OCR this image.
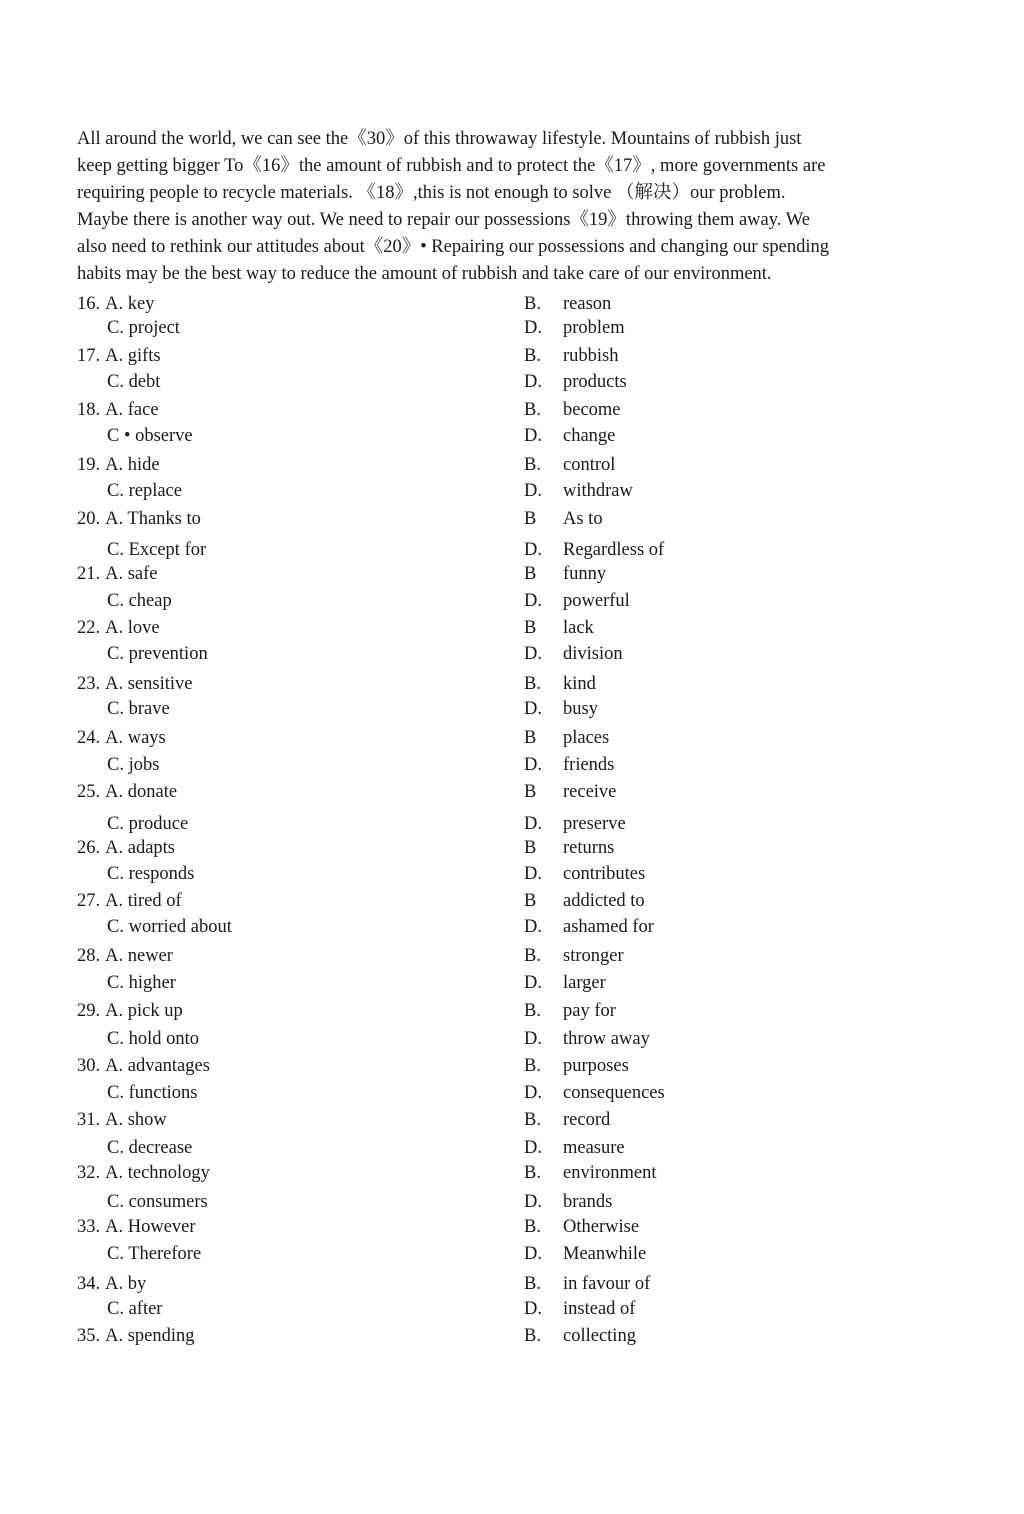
All around the world, we can see the《30》of this throwaway lifestyle. Mountains of rubbish just
keep getting bigger To《16》the amount of rubbish and to protect the《17》, more governments are
requiring people to recycle materials. 《18》,this is not enough to solve （解决）our problem.
Maybe there is another way out. We need to repair our possessions《19》throwing them away. We
also need to rethink our attitudes about《20》• Repairing our possessions and changing our spending
habits may be the best way to reduce the amount of rubbish and take care of our environment.
16. A. key	B. reason
C. project	D. problem
17. A. gifts	B. rubbish
C. debt	D. products
18. A. face	B. become
C • observe	D. change
19. A. hide	B. control
C. replace	D. withdraw
20. A. Thanks to	B As to
C. Except for	D. Regardless of
21. A. safe	B funny
C. cheap	D. powerful
22. A. love	B lack
C. prevention	D. division
23. A. sensitive	B. kind
C. brave	D. busy
24. A. ways	B places
C. jobs	D. friends
25. A. donate	B receive
C. produce	D. preserve
26. A. adapts	B returns
C. responds	D. contributes
27. A. tired of	B addicted to
C. worried about	D. ashamed for
28. A. newer	B. stronger
C. higher	D. larger
29. A. pick up	B. pay for
C. hold onto	D. throw away
30. A. advantages	B. purposes
C. functions	D. consequences
31. A. show	B. record
C. decrease	D. measure
32. A. technology	B. environment
C. consumers	D. brands
33. A. However	B. Otherwise
C. Therefore	D. Meanwhile
34. A. by	B. in favour of
C. after	D. instead of
35. A. spending	B. collecting
